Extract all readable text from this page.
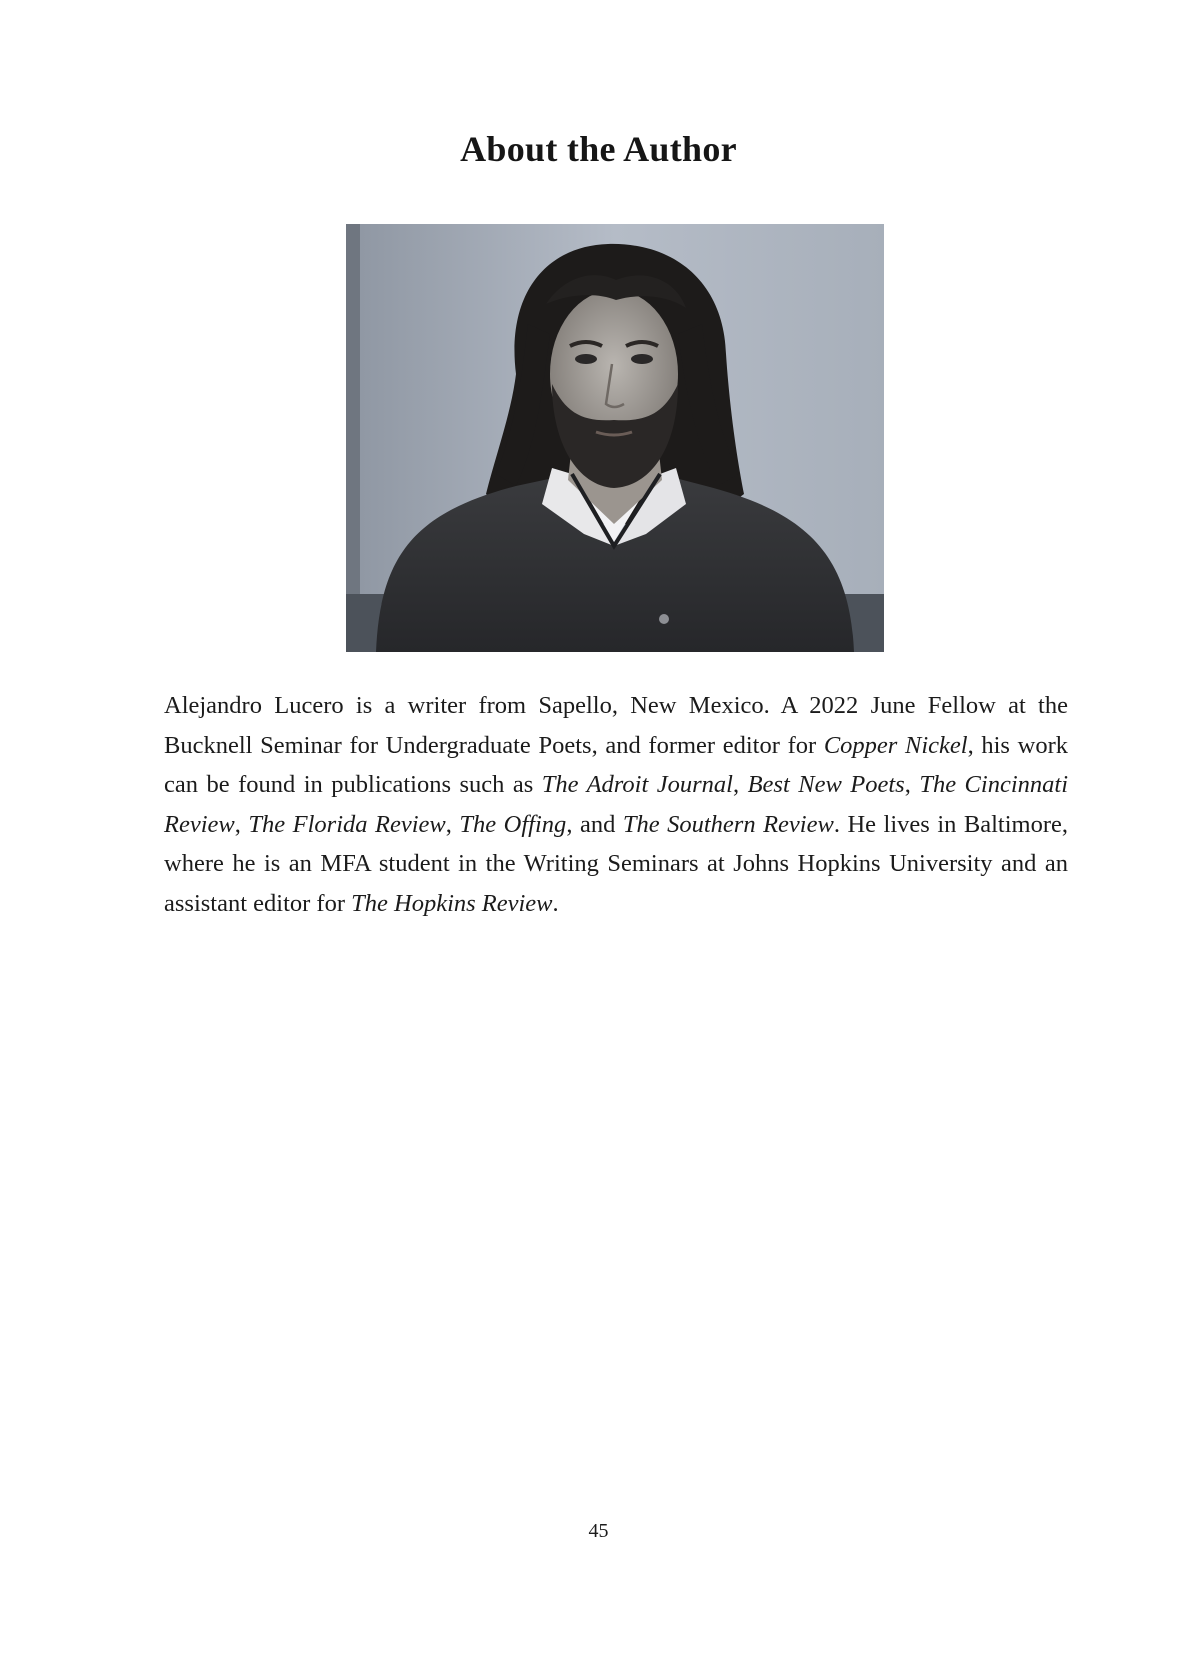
About the Author

Alejandro Lucero is a writer from Sapello, New Mexico. A 2022 June Fellow at the Bucknell Seminar for Undergraduate Poets, and former editor for Copper Nickel, his work can be found in publications such as The Adroit Journal, Best New Poets, The Cincinnati Review, The Florida Review, The Offing, and The Southern Review. He lives in Baltimore, where he is an MFA student in the Writing Seminars at Johns Hopkins University and an assistant editor for The Hopkins Review.

45
